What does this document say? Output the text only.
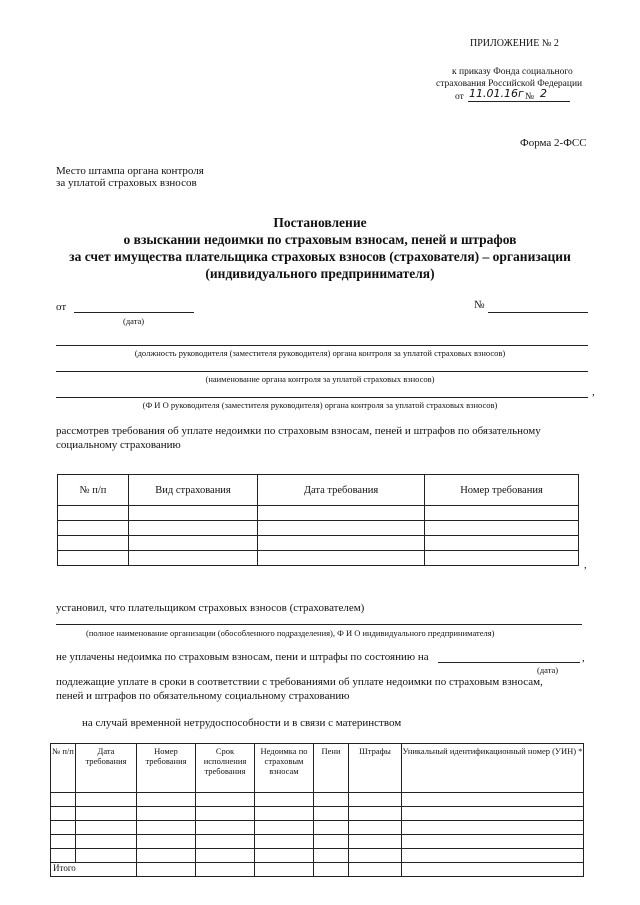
ПРИЛОЖЕНИЕ № 2
к приказу Фонда социального
страхования Российской Федерации
от 11.01.16г № 2
Форма 2-ФСС
Место штампа органа контроля
за уплатой страховых взносов
Постановление
о взыскании недоимки по страховым взносам, пеней и штрафов
за счет имущества плательщика страховых взносов (страхователя) – организации
(индивидуального предпринимателя)
от
(дата)
№
(должность руководителя (заместителя руководителя) органа контроля за уплатой страховых взносов)
(наименование органа контроля за уплатой страховых взносов)
,
(Ф И О руководителя (заместителя руководителя) органа контроля за уплатой страховых взносов)
рассмотрев требования об уплате недоимки по страховым взносам, пеней и штрафов по обязательному
социальному страхованию
№ п/п	Вид страхования	Дата требования	Номер требования

,
установил, что плательщиком страховых взносов (страхователем)
(полное наименование организации (обособленного подразделения), Ф И О индивидуального предпринимателя)
не уплачены недоимка по страховым взносам, пени и штрафы по состоянию на	,
(дата)
подлежащие уплате в сроки в соответствии с требованиями об уплате недоимки по страховым взносам,
пеней и штрафов по обязательному социальному страхованию
на случай временной нетрудоспособности и в связи с материнством
№ п/п	Дата требования	Номер требования	Срок исполнения требования	Недоимка по страховым взносам	Пени	Штрафы	Уникальный идентификационный номер (УИН) *

Итого							
